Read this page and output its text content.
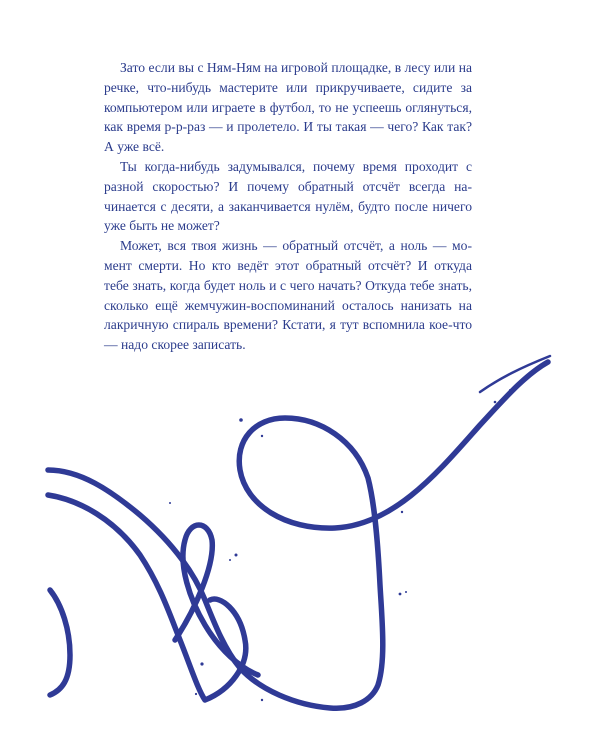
Зато если вы с Ням-Ням на игровой площадке, в лесу или на речке, что-нибудь мастерите или прикручиваете, сидите за компьютером или играете в футбол, то не успеешь оглянуться, как время р-р-раз — и пролетело. И ты такая — чего? Как так? А уже всё.

Ты когда-нибудь задумывался, почему время проходит с разной скоростью? И почему обратный отсчёт всегда начинается с десяти, а заканчивается нулём, будто после ничего уже быть не может?

Может, вся твоя жизнь — обратный отсчёт, а ноль — момент смерти. Но кто ведёт этот обратный отсчёт? И откуда тебе знать, когда будет ноль и с чего начать? Откуда тебе знать, сколько ещё жемчужин-воспоминаний осталось нанизать на лакричную спираль времени? Кстати, я тут вспомнила кое-что — надо скорее записать.
